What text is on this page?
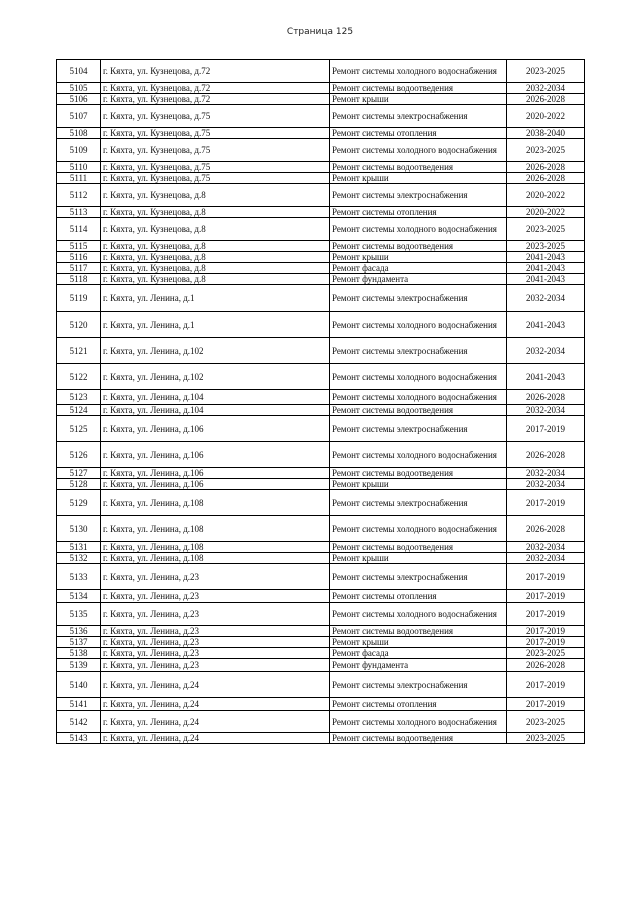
Страница 125
5104	г. Кяхта, ул. Кузнецова, д.72	Ремонт системы холодного водоснабжения	2023-2025
5105	г. Кяхта, ул. Кузнецова, д.72	Ремонт системы водоотведения	2032-2034
5106	г. Кяхта, ул. Кузнецова, д.72	Ремонт крыши	2026-2028
5107	г. Кяхта, ул. Кузнецова, д.75	Ремонт системы электроснабжения	2020-2022
5108	г. Кяхта, ул. Кузнецова, д.75	Ремонт системы отопления	2038-2040
5109	г. Кяхта, ул. Кузнецова, д.75	Ремонт системы холодного водоснабжения	2023-2025
5110	г. Кяхта, ул. Кузнецова, д.75	Ремонт системы водоотведения	2026-2028
5111	г. Кяхта, ул. Кузнецова, д.75	Ремонт крыши	2026-2028
5112	г. Кяхта, ул. Кузнецова, д.8	Ремонт системы электроснабжения	2020-2022
5113	г. Кяхта, ул. Кузнецова, д.8	Ремонт системы отопления	2020-2022
5114	г. Кяхта, ул. Кузнецова, д.8	Ремонт системы холодного водоснабжения	2023-2025
5115	г. Кяхта, ул. Кузнецова, д.8	Ремонт системы водоотведения	2023-2025
5116	г. Кяхта, ул. Кузнецова, д.8	Ремонт крыши	2041-2043
5117	г. Кяхта, ул. Кузнецова, д.8	Ремонт фасада	2041-2043
5118	г. Кяхта, ул. Кузнецова, д.8	Ремонт фундамента	2041-2043
5119	г. Кяхта, ул. Ленина, д.1	Ремонт системы электроснабжения	2032-2034
5120	г. Кяхта, ул. Ленина, д.1	Ремонт системы холодного водоснабжения	2041-2043
5121	г. Кяхта, ул. Ленина, д.102	Ремонт системы электроснабжения	2032-2034
5122	г. Кяхта, ул. Ленина, д.102	Ремонт системы холодного водоснабжения	2041-2043
5123	г. Кяхта, ул. Ленина, д.104	Ремонт системы холодного водоснабжения	2026-2028
5124	г. Кяхта, ул. Ленина, д.104	Ремонт системы водоотведения	2032-2034
5125	г. Кяхта, ул. Ленина, д.106	Ремонт системы электроснабжения	2017-2019
5126	г. Кяхта, ул. Ленина, д.106	Ремонт системы холодного водоснабжения	2026-2028
5127	г. Кяхта, ул. Ленина, д.106	Ремонт системы водоотведения	2032-2034
5128	г. Кяхта, ул. Ленина, д.106	Ремонт крыши	2032-2034
5129	г. Кяхта, ул. Ленина, д.108	Ремонт системы электроснабжения	2017-2019
5130	г. Кяхта, ул. Ленина, д.108	Ремонт системы холодного водоснабжения	2026-2028
5131	г. Кяхта, ул. Ленина, д.108	Ремонт системы водоотведения	2032-2034
5132	г. Кяхта, ул. Ленина, д.108	Ремонт крыши	2032-2034
5133	г. Кяхта, ул. Ленина, д.23	Ремонт системы электроснабжения	2017-2019
5134	г. Кяхта, ул. Ленина, д.23	Ремонт системы отопления	2017-2019
5135	г. Кяхта, ул. Ленина, д.23	Ремонт системы холодного водоснабжения	2017-2019
5136	г. Кяхта, ул. Ленина, д.23	Ремонт системы водоотведения	2017-2019
5137	г. Кяхта, ул. Ленина, д.23	Ремонт крыши	2017-2019
5138	г. Кяхта, ул. Ленина, д.23	Ремонт фасада	2023-2025
5139	г. Кяхта, ул. Ленина, д.23	Ремонт фундамента	2026-2028
5140	г. Кяхта, ул. Ленина, д.24	Ремонт системы электроснабжения	2017-2019
5141	г. Кяхта, ул. Ленина, д.24	Ремонт системы отопления	2017-2019
5142	г. Кяхта, ул. Ленина, д.24	Ремонт системы холодного водоснабжения	2023-2025
5143	г. Кяхта, ул. Ленина, д.24	Ремонт системы водоотведения	2023-2025
